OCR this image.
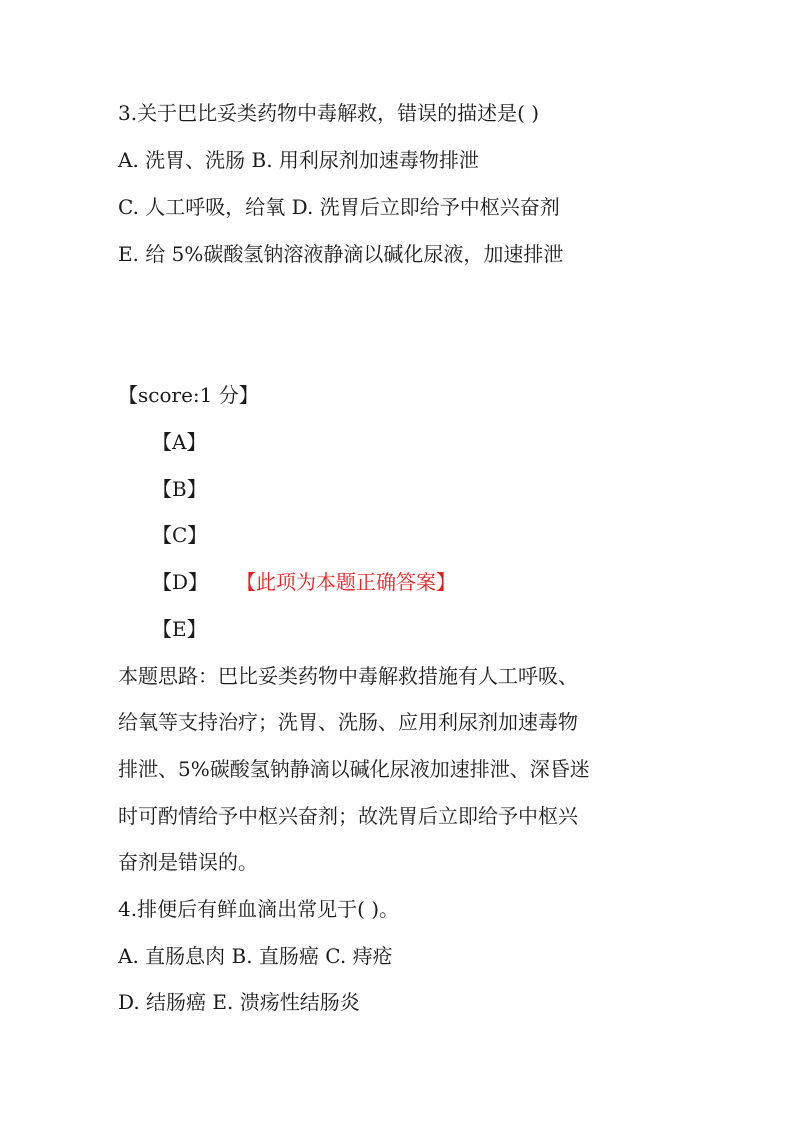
3.关于巴比妥类药物中毒解救，错误的描述是( )
A. 洗胃、洗肠 B. 用利尿剂加速毒物排泄
C. 人工呼吸，给氧 D. 洗胃后立即给予中枢兴奋剂
E. 给 5%碳酸氢钠溶液静滴以碱化尿液，加速排泄
【score:1 分】
【A】
【B】
【C】
【D】 【此项为本题正确答案】
【E】
本题思路：巴比妥类药物中毒解救措施有人工呼吸、
给氧等支持治疗；洗胃、洗肠、应用利尿剂加速毒物
排泄、5%碳酸氢钠静滴以碱化尿液加速排泄、深昏迷
时可酌情给予中枢兴奋剂；故洗胃后立即给予中枢兴
奋剂是错误的。
4.排便后有鲜血滴出常见于( )。
A. 直肠息肉 B. 直肠癌 C. 痔疮
D. 结肠癌 E. 溃疡性结肠炎
